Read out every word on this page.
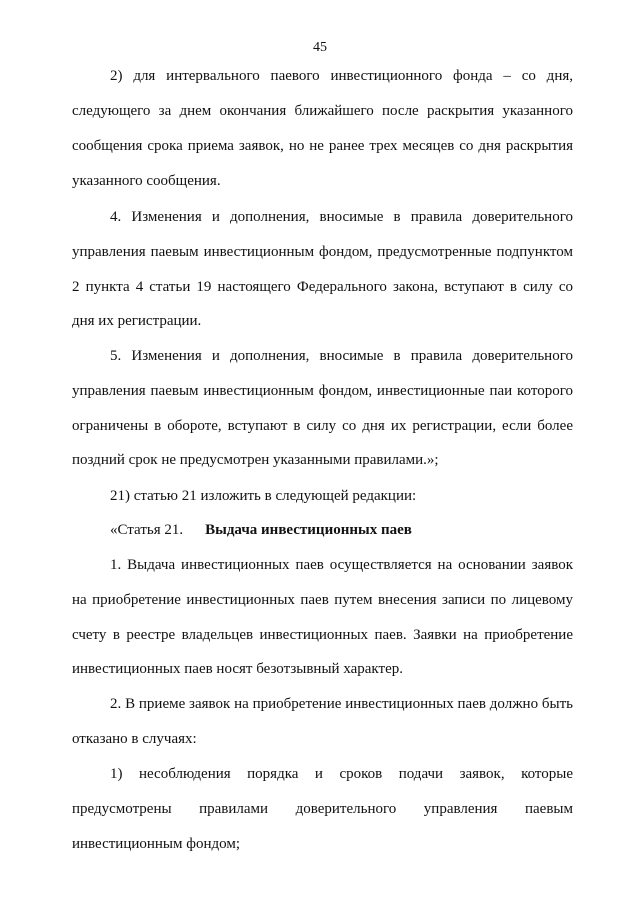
45
2) для интервального паевого инвестиционного фонда – со дня,
следующего за днем окончания ближайшего после раскрытия указанного
сообщения срока приема заявок, но не ранее трех месяцев со дня раскрытия
указанного сообщения.
4. Изменения и дополнения, вносимые в правила доверительного
управления паевым инвестиционным фондом, предусмотренные подпунктом
2 пункта 4 статьи 19 настоящего Федерального закона, вступают в силу со
дня их регистрации.
5. Изменения и дополнения, вносимые в правила доверительного
управления паевым инвестиционным фондом, инвестиционные паи которого
ограничены в обороте, вступают в силу со дня их регистрации, если более
поздний срок не предусмотрен указанными правилами.»;
21) статью 21 изложить в следующей редакции:
«Статья 21. Выдача инвестиционных паев
1. Выдача инвестиционных паев осуществляется на основании заявок
на приобретение инвестиционных паев путем внесения записи по лицевому
счету в реестре владельцев инвестиционных паев. Заявки на приобретение
инвестиционных паев носят безотзывный характер.
2. В приеме заявок на приобретение инвестиционных паев должно быть
отказано в случаях:
1) несоблюдения порядка и сроков подачи заявок, которые
предусмотрены правилами доверительного управления паевым
инвестиционным фондом;
